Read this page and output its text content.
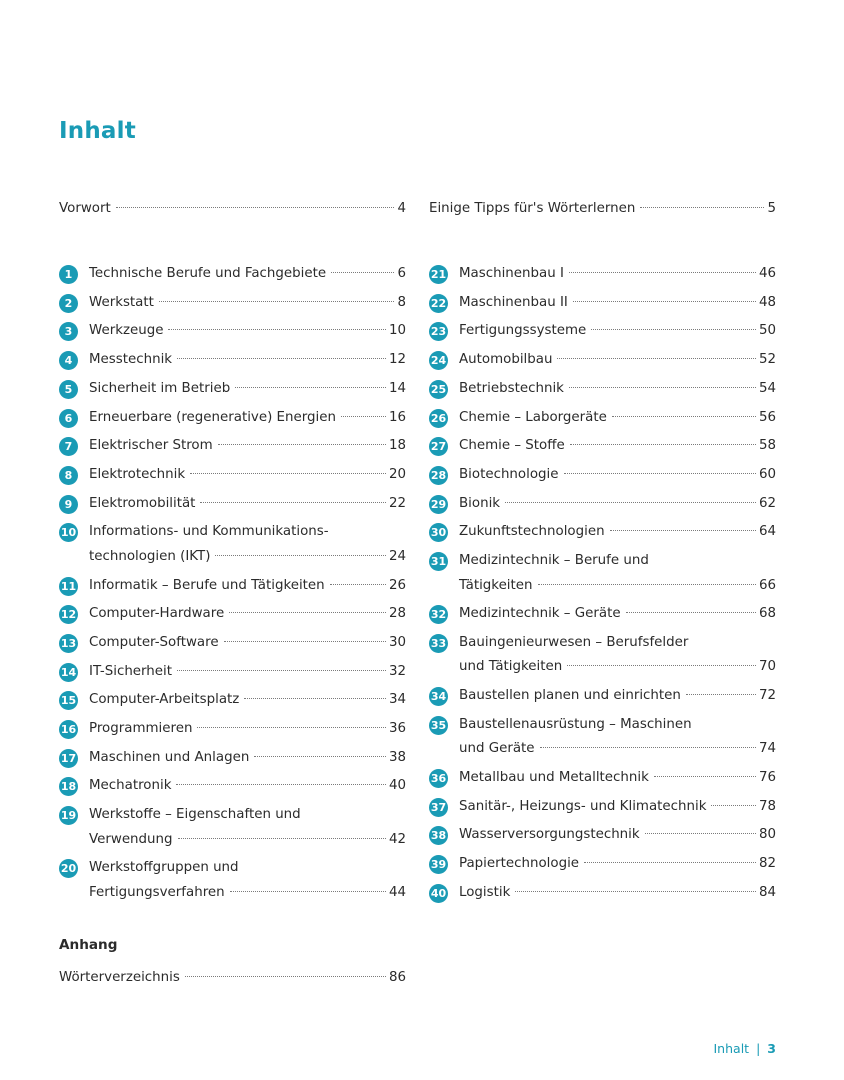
Inhalt
Vorwort	4
1	Technische Berufe und Fachgebiete	6
2	Werkstatt	8
3	Werkzeuge	10
4	Messtechnik	12
5	Sicherheit im Betrieb	14
6	Erneuerbare (regenerative) Energien	16
7	Elektrischer Strom	18
8	Elektrotechnik	20
9	Elektromobilität	22
10 Informations- und Kommunikations-
technologien (IKT)	24
11 Informatik – Berufe und Tätigkeiten	26
12 Computer-Hardware	28
13 Computer-Software	30
14 IT-Sicherheit	32
15 Computer-Arbeitsplatz	34
16 Programmieren	36
17 Maschinen und Anlagen	38
18 Mechatronik	40
19 Werkstoffe – Eigenschaften und
Verwendung	42
20 Werkstoffgruppen und
Fertigungsverfahren	44
Einige Tipps für's Wörterlernen	5
21 Maschinenbau I	46
22 Maschinenbau II	48
23 Fertigungssysteme	50
24 Automobilbau	52
25 Betriebstechnik	54
26 Chemie – Laborgeräte	56
27 Chemie – Stoffe	58
28 Biotechnologie	60
29 Bionik	62
30 Zukunftstechnologien	64
31 Medizintechnik – Berufe und
Tätigkeiten	66
32 Medizintechnik – Geräte	68
33 Bauingenieurwesen – Berufsfelder
und Tätigkeiten	70
34 Baustellen planen und einrichten	72
35 Baustellenausrüstung – Maschinen
und Geräte	74
36 Metallbau und Metalltechnik	76
37 Sanitär-, Heizungs- und Klimatechnik	78
38 Wasserversorgungstechnik	80
39 Papiertechnologie	82
40 Logistik	84
Anhang
Wörterverzeichnis	86
Inhalt | 3
